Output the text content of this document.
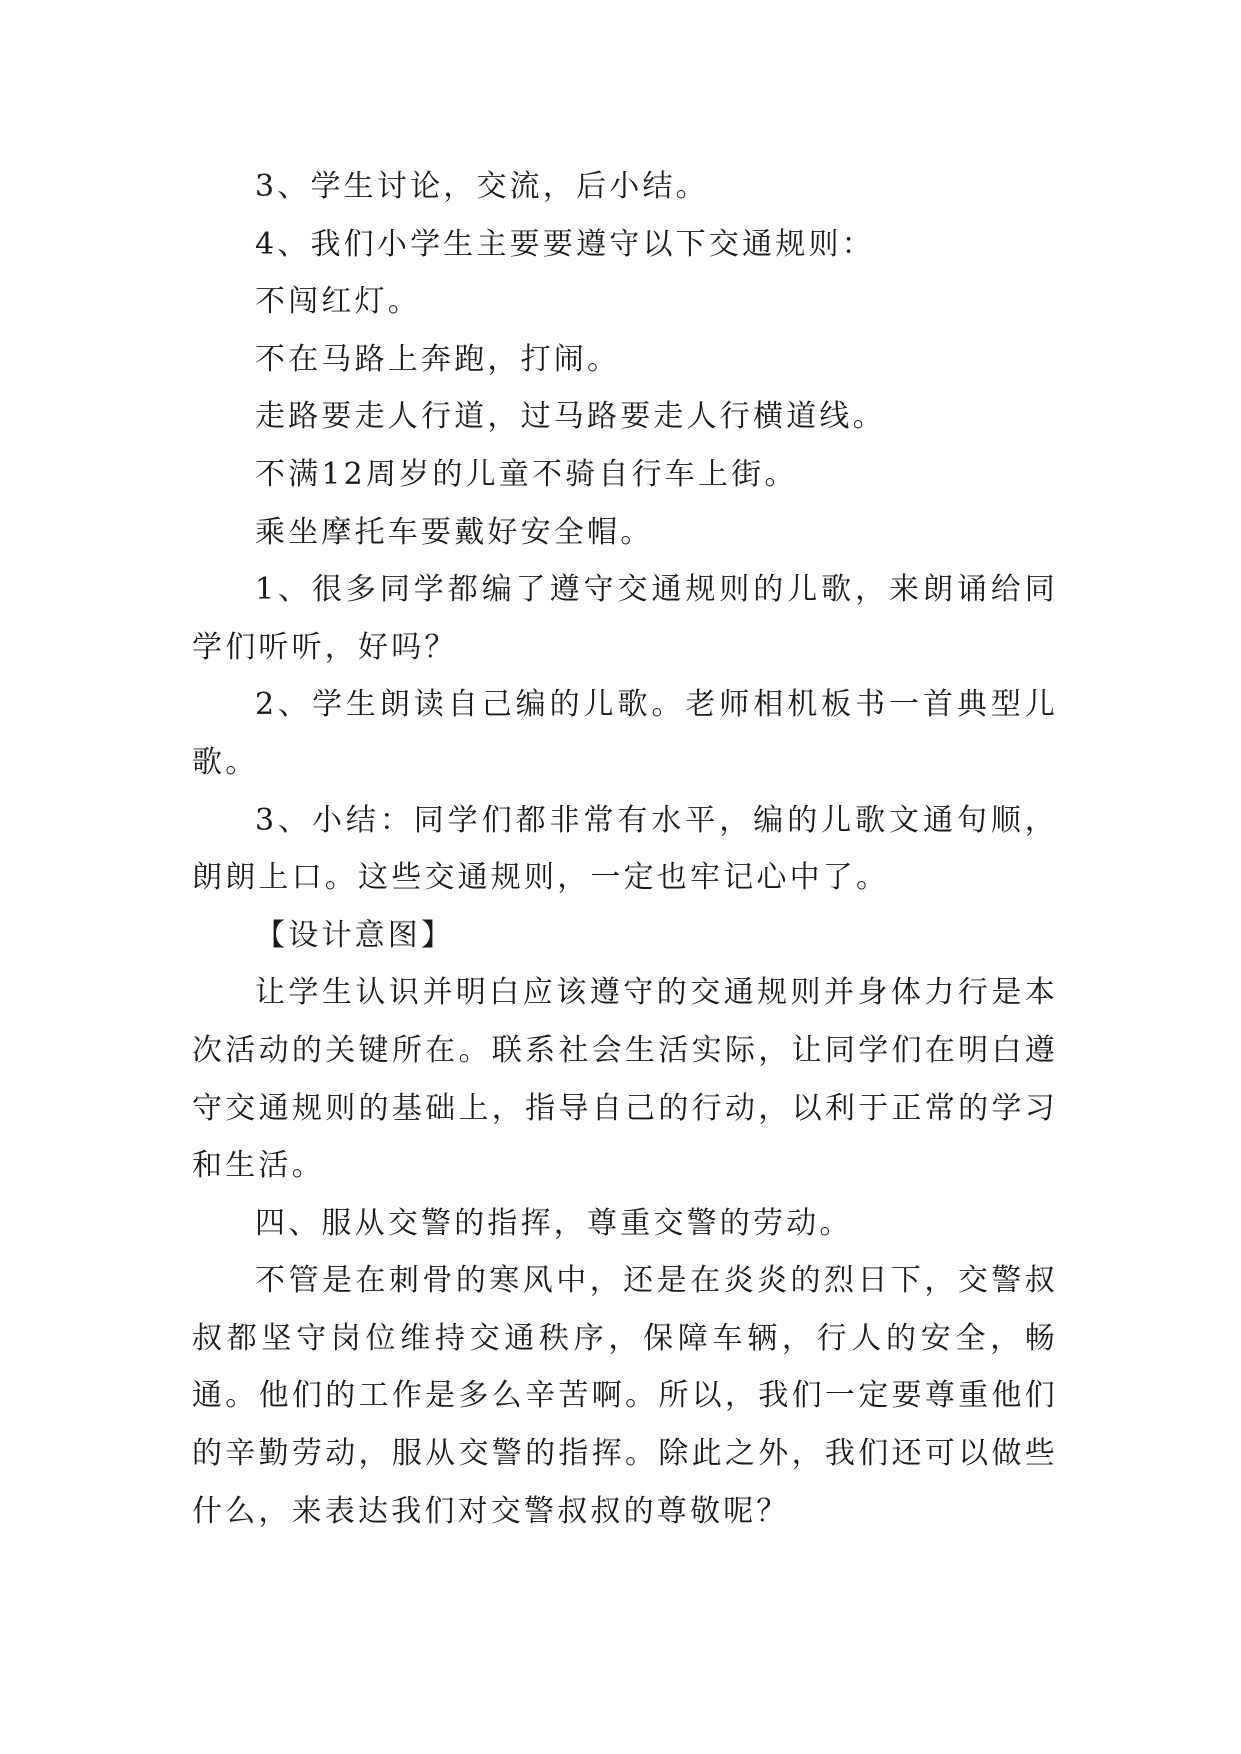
3、学生讨论，交流，后小结。

4、我们小学生主要要遵守以下交通规则：

不闯红灯。

不在马路上奔跑，打闹。

走路要走人行道，过马路要走人行横道线。

不满12周岁的儿童不骑自行车上街。

乘坐摩托车要戴好安全帽。

1、很多同学都编了遵守交通规则的儿歌，来朗诵给同学们听听，好吗？

2、学生朗读自己编的儿歌。老师相机板书一首典型儿歌。

3、小结：同学们都非常有水平，编的儿歌文通句顺，朗朗上口。这些交通规则，一定也牢记心中了。

【设计意图】

让学生认识并明白应该遵守的交通规则并身体力行是本次活动的关键所在。联系社会生活实际，让同学们在明白遵守交通规则的基础上，指导自己的行动，以利于正常的学习和生活。

四、服从交警的指挥，尊重交警的劳动。

不管是在刺骨的寒风中，还是在炎炎的烈日下，交警叔叔都坚守岗位维持交通秩序，保障车辆，行人的安全，畅通。他们的工作是多么辛苦啊。所以，我们一定要尊重他们的辛勤劳动，服从交警的指挥。除此之外，我们还可以做些什么，来表达我们对交警叔叔的尊敬呢？
